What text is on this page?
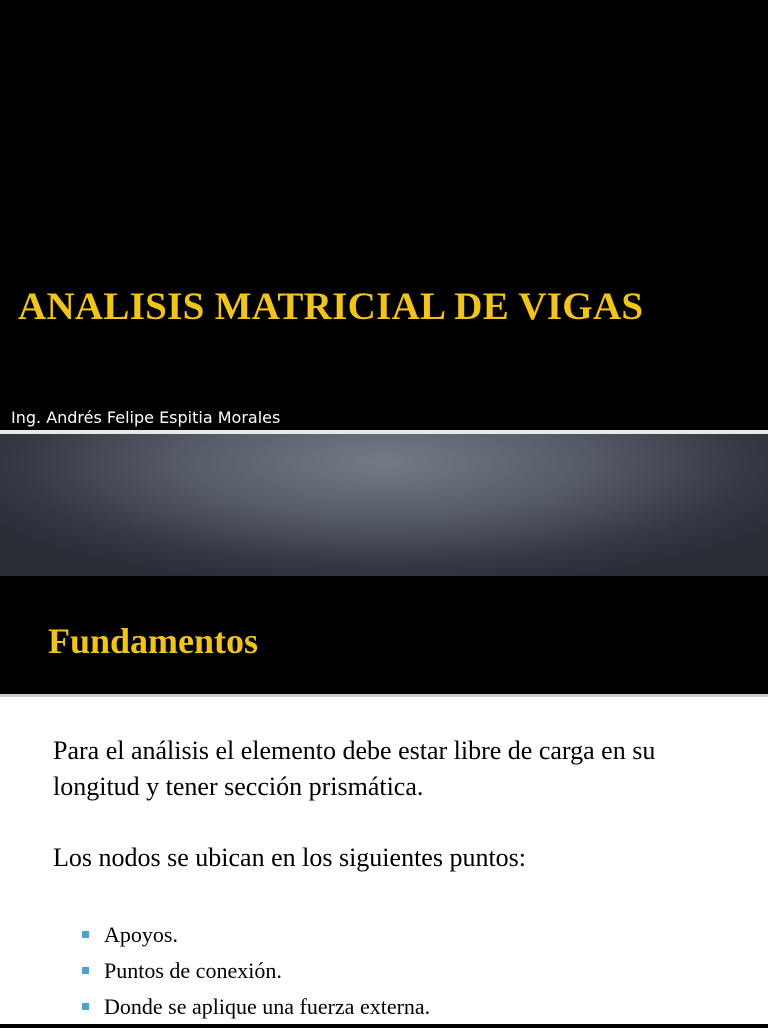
ANALISIS MATRICIAL DE VIGAS
Ing. Andrés Felipe Espitia Morales
Fundamentos

Para el análisis el elemento debe estar libre de carga en su longitud y tener sección prismática.

Los nodos se ubican en los siguientes puntos:

Apoyos.
Puntos de conexión.
Donde se aplique una fuerza externa.
